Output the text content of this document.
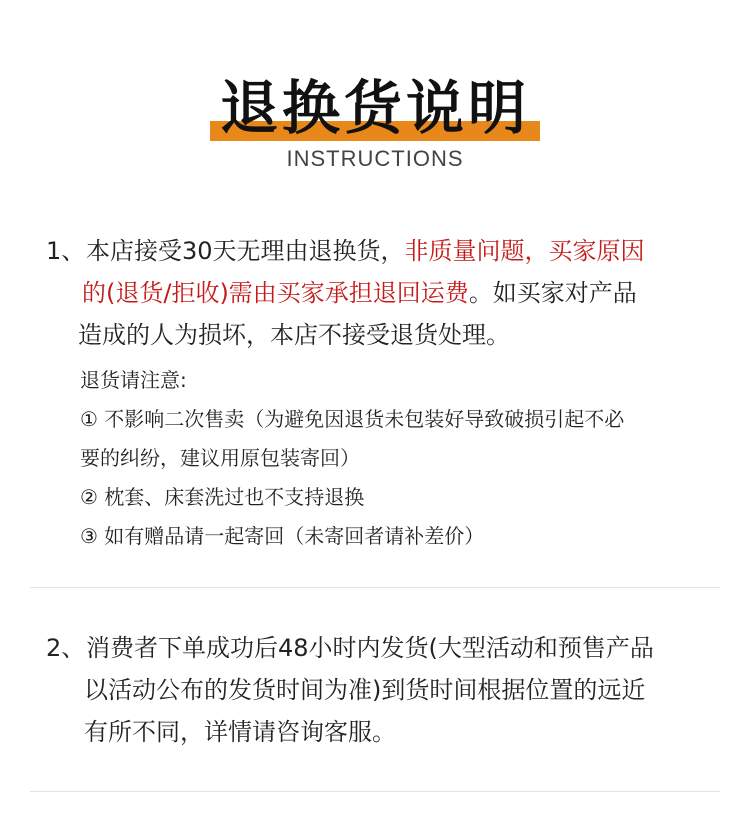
退换货说明
INSTRUCTIONS
1、 本店接受30天无理由退换货，非质量问题，买家原因
的(退货/拒收)需由买家承担退回运费。如买家对产品
造成的人为损坏，本店不接受退货处理。
退货请注意:
① 不影响二次售卖（为避免因退货未包装好导致破损引起不必
要的纠纷，建议用原包装寄回）
② 枕套、床套洗过也不支持退换
③ 如有赠品请一起寄回（未寄回者请补差价）
2、 消费者下单成功后48小时内发货(大型活动和预售产品
以活动公布的发货时间为准)到货时间根据位置的远近
有所不同，详情请咨询客服。
